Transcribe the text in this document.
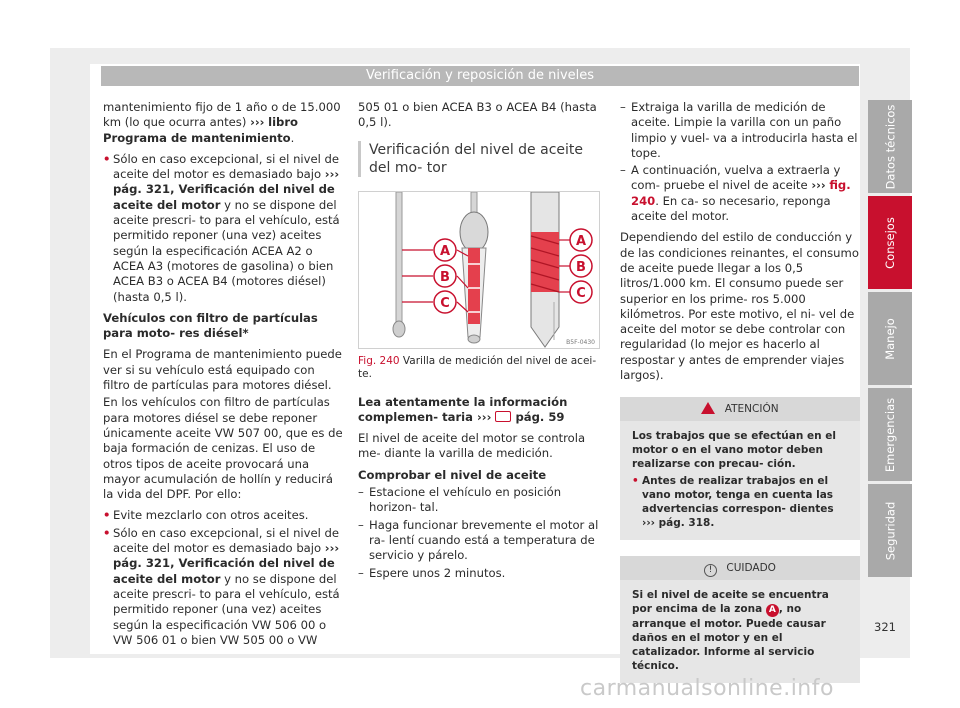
Verificación y reposición de niveles

mantenimiento fijo de 1 año o de 15.000 km (lo que ocurra antes) ››› libro Programa de mantenimiento.

• Sólo en caso excepcional, si el nivel de aceite del motor es demasiado bajo ››› pág. 321, Verificación del nivel de aceite del motor y no se dispone del aceite prescri- to para el vehículo, está permitido reponer (una vez) aceites según la especificación ACEA A2 o ACEA A3 (motores de gasolina) o bien ACEA B3 o ACEA B4 (motores diésel) (hasta 0,5 l).

Vehículos con filtro de partículas para moto- res diésel*

En el Programa de mantenimiento puede ver si su vehículo está equipado con filtro de partículas para motores diésel.

En los vehículos con filtro de partículas para motores diésel se debe reponer únicamente aceite VW 507 00, que es de baja formación de cenizas. El uso de otros tipos de aceite provocará una mayor acumulación de hollín y reducirá la vida del DPF. Por ello:

• Evite mezclarlo con otros aceites.

• Sólo en caso excepcional, si el nivel de aceite del motor es demasiado bajo ››› pág. 321, Verificación del nivel de aceite del motor y no se dispone del aceite prescri- to para el vehículo, está permitido reponer (una vez) aceites según la especificación VW 506 00 o VW 506 01 o bien VW 505 00 o VW

505 01 o bien ACEA B3 o ACEA B4 (hasta 0,5 l).

Verificación del nivel de aceite del mo- tor
A
B
C
A
B
C
B5F-0430
Fig. 240 Varilla de medición del nivel de acei- te.

Lea atentamente la información complemen- taria ››› pág. 59

El nivel de aceite del motor se controla me- diante la varilla de medición.

Comprobar el nivel de aceite

– Estacione el vehículo en posición horizon- tal.
– Haga funcionar brevemente el motor al ra- lentí cuando está a temperatura de servicio y párelo.
– Espere unos 2 minutos.
– Extraiga la varilla de medición de aceite. Limpie la varilla con un paño limpio y vuel- va a introducirla hasta el tope.
– A continuación, vuelva a extraerla y com- pruebe el nivel de aceite ››› fig. 240. En ca- so necesario, reponga aceite del motor.

Dependiendo del estilo de conducción y de las condiciones reinantes, el consumo de aceite puede llegar a los 0,5 litros/1.000 km. El consumo puede ser superior en los prime- ros 5.000 kilómetros. Por este motivo, el ni- vel de aceite del motor se debe controlar con regularidad (lo mejor es hacerlo al respostar y antes de emprender viajes largos).

ATENCIÓN

Los trabajos que se efectúan en el motor o en el vano motor deben realizarse con precau- ción.

• Antes de realizar trabajos en el vano motor, tenga en cuenta las advertencias correspon- dientes ››› pág. 318.

! CUIDADO
Si el nivel de aceite se encuentra por encima de la zona A , no arranque el motor. Puede causar daños en el motor y en el catalizador. Informe al servicio técnico.
Datos técnicos
Consejos
Manejo
Emergencias
Seguridad
321
carmanualsonline.info
